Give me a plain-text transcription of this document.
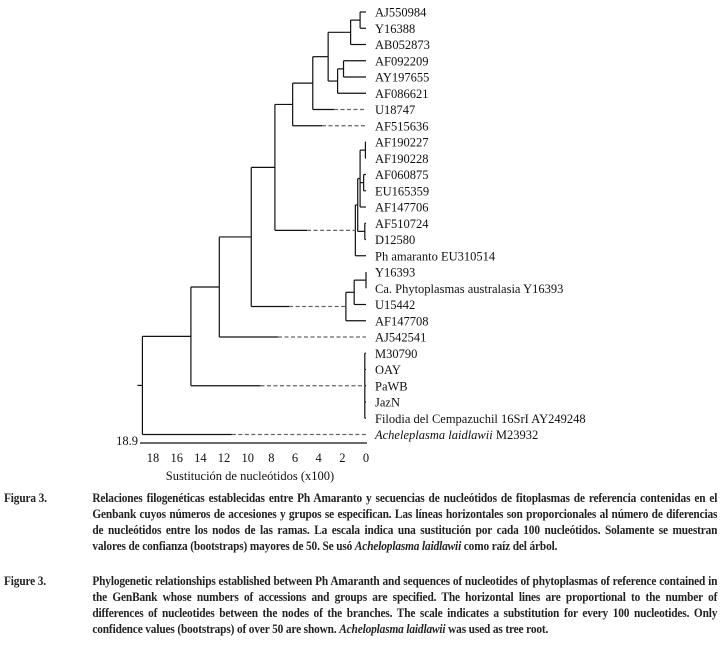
AJ550984
Y16388
AB052873
AF092209
AY197655
AF086621
U18747
AF515636
AF190227
AF190228
AF060875
EU165359
AF147706
AF510724
D12580
Ph amaranto EU310514
Y16393
Ca. Phytoplasmas australasia Y16393
U15442
AF147708
AJ542541
M30790
OAY
PaWB
JazN
Filodia del Cempazuchil 16SrI AY249248
Acheleplasma laidlawii M23932
18.9
18 16 14 12 10 8 6 4 2 0
Sustitución de nucleótidos (x100)
Figura 3.	Relaciones filogenéticas establecidas entre Ph Amaranto y secuencias de nucleótidos de fitoplasmas de referencia contenidas en el Genbank cuyos números de accesiones y grupos se especifican. Las líneas horizontales son proporcionales al número de diferencias de nucleótidos entre los nodos de las ramas. La escala indica una sustitución por cada 100 nucleótidos. Solamente se muestran valores de confianza (bootstraps) mayores de 50. Se usó Acheloplasma laidlawii como raíz del árbol.
Figure 3.	Phylogenetic relationships established between Ph Amaranth and sequences of nucleotides of phytoplasmas of reference contained in the GenBank whose numbers of accessions and groups are specified. The horizontal lines are proportional to the number of differences of nucleotides between the nodes of the branches. The scale indicates a substitution for every 100 nucleotides. Only confidence values (bootstraps) of over 50 are shown. Acheloplasma laidlawii was used as tree root.
